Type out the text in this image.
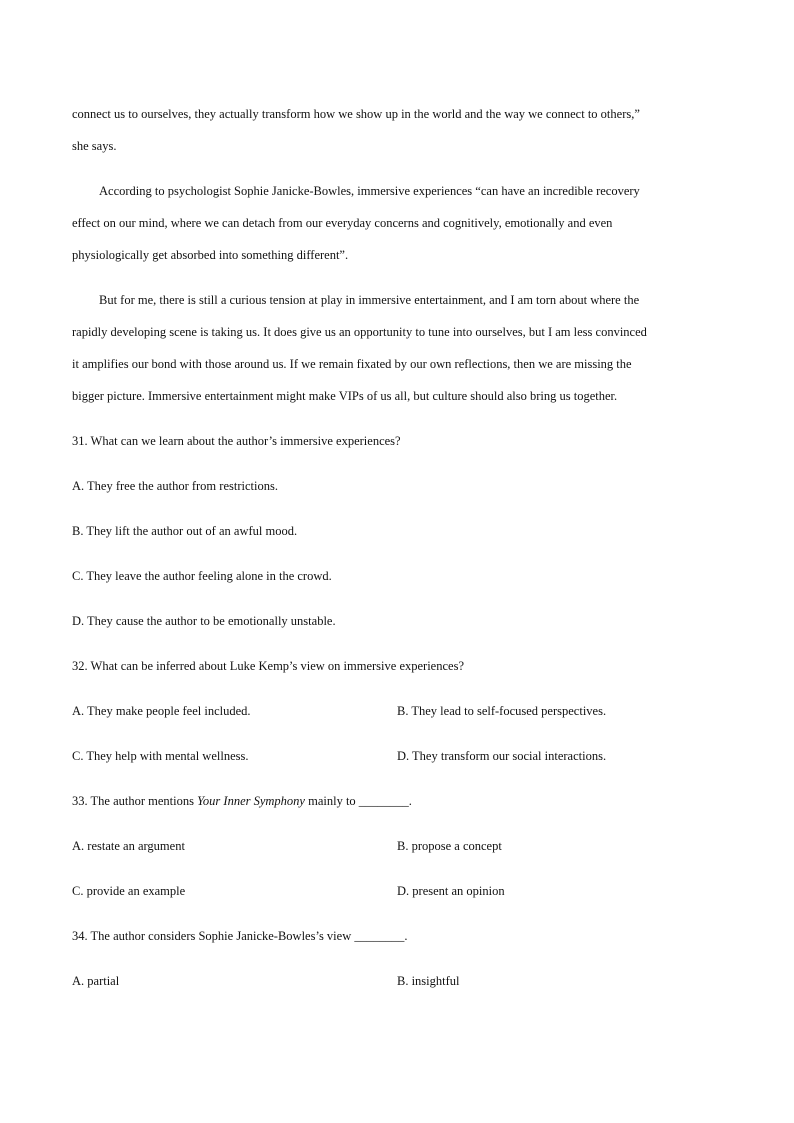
connect us to ourselves, they actually transform how we show up in the world and the way we connect to others,”
she says.
According to psychologist Sophie Janicke-Bowles, immersive experiences “can have an incredible recovery
effect on our mind, where we can detach from our everyday concerns and cognitively, emotionally and even
physiologically get absorbed into something different”.
But for me, there is still a curious tension at play in immersive entertainment, and I am torn about where the
rapidly developing scene is taking us. It does give us an opportunity to tune into ourselves, but I am less convinced
it amplifies our bond with those around us. If we remain fixated by our own reflections, then we are missing the
bigger picture. Immersive entertainment might make VIPs of us all, but culture should also bring us together.
31. What can we learn about the author’s immersive experiences?
A. They free the author from restrictions.
B. They lift the author out of an awful mood.
C. They leave the author feeling alone in the crowd.
D. They cause the author to be emotionally unstable.
32. What can be inferred about Luke Kemp’s view on immersive experiences?
A. They make people feel included.	B. They lead to self-focused perspectives.
C. They help with mental wellness.	D. They transform our social interactions.
33. The author mentions Your Inner Symphony mainly to ________.
A. restate an argument	B. propose a concept
C. provide an example	D. present an opinion
34. The author considers Sophie Janicke-Bowles’s view ________.
A. partial	B. insightful
